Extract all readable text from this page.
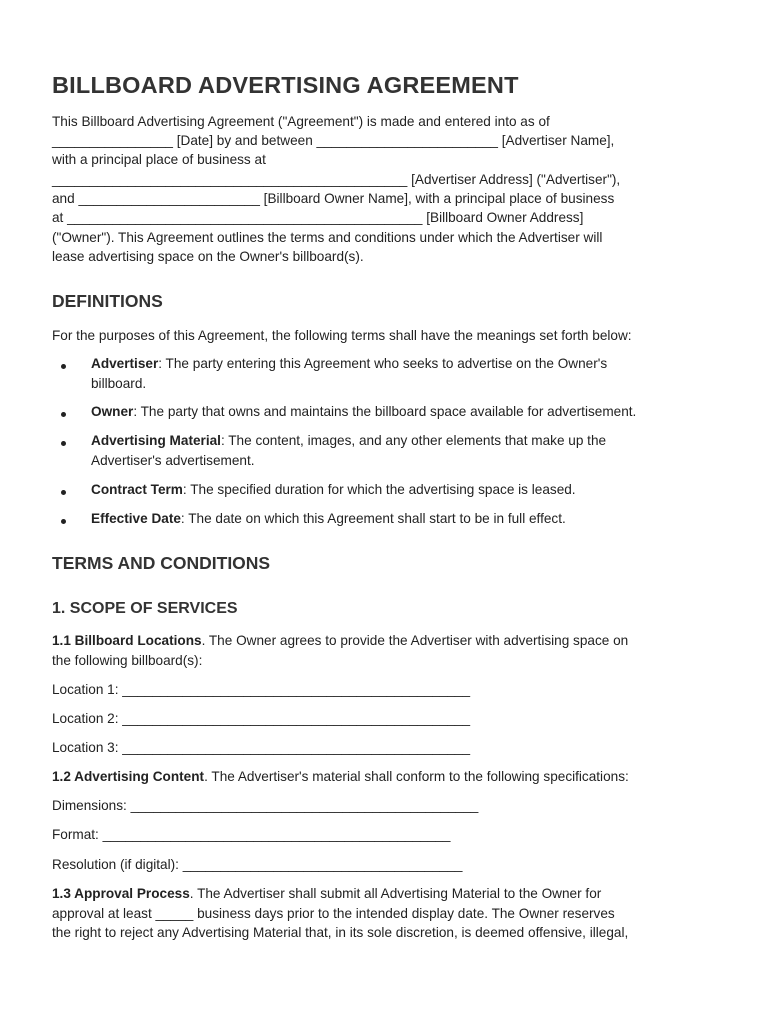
BILLBOARD ADVERTISING AGREEMENT

This Billboard Advertising Agreement ("Agreement") is made and entered into as of

________________ [Date] by and between ________________________ [Advertiser Name],

with a principal place of business at

_______________________________________________ [Advertiser Address] ("Advertiser"),

and ________________________ [Billboard Owner Name], with a principal place of business

at _______________________________________________ [Billboard Owner Address]

("Owner"). This Agreement outlines the terms and conditions under which the Advertiser will

lease advertising space on the Owner's billboard(s).

DEFINITIONS

For the purposes of this Agreement, the following terms shall have the meanings set forth below:

Advertiser: The party entering this Agreement who seeks to advertise on the Owner's

billboard.

Owner: The party that owns and maintains the billboard space available for advertisement.

Advertising Material: The content, images, and any other elements that make up the

Advertiser's advertisement.

Contract Term: The specified duration for which the advertising space is leased.

Effective Date: The date on which this Agreement shall start to be in full effect.

TERMS AND CONDITIONS
1. SCOPE OF SERVICES

1.1 Billboard Locations. The Owner agrees to provide the Advertiser with advertising space on

the following billboard(s):

Location 1: ______________________________________________

Location 2: ______________________________________________

Location 3: ______________________________________________

1.2 Advertising Content. The Advertiser's material shall conform to the following specifications:

Dimensions: ______________________________________________

Format: ______________________________________________

Resolution (if digital): _____________________________________

1.3 Approval Process. The Advertiser shall submit all Advertising Material to the Owner for

approval at least _____ business days prior to the intended display date. The Owner reserves

the right to reject any Advertising Material that, in its sole discretion, is deemed offensive, illegal,
